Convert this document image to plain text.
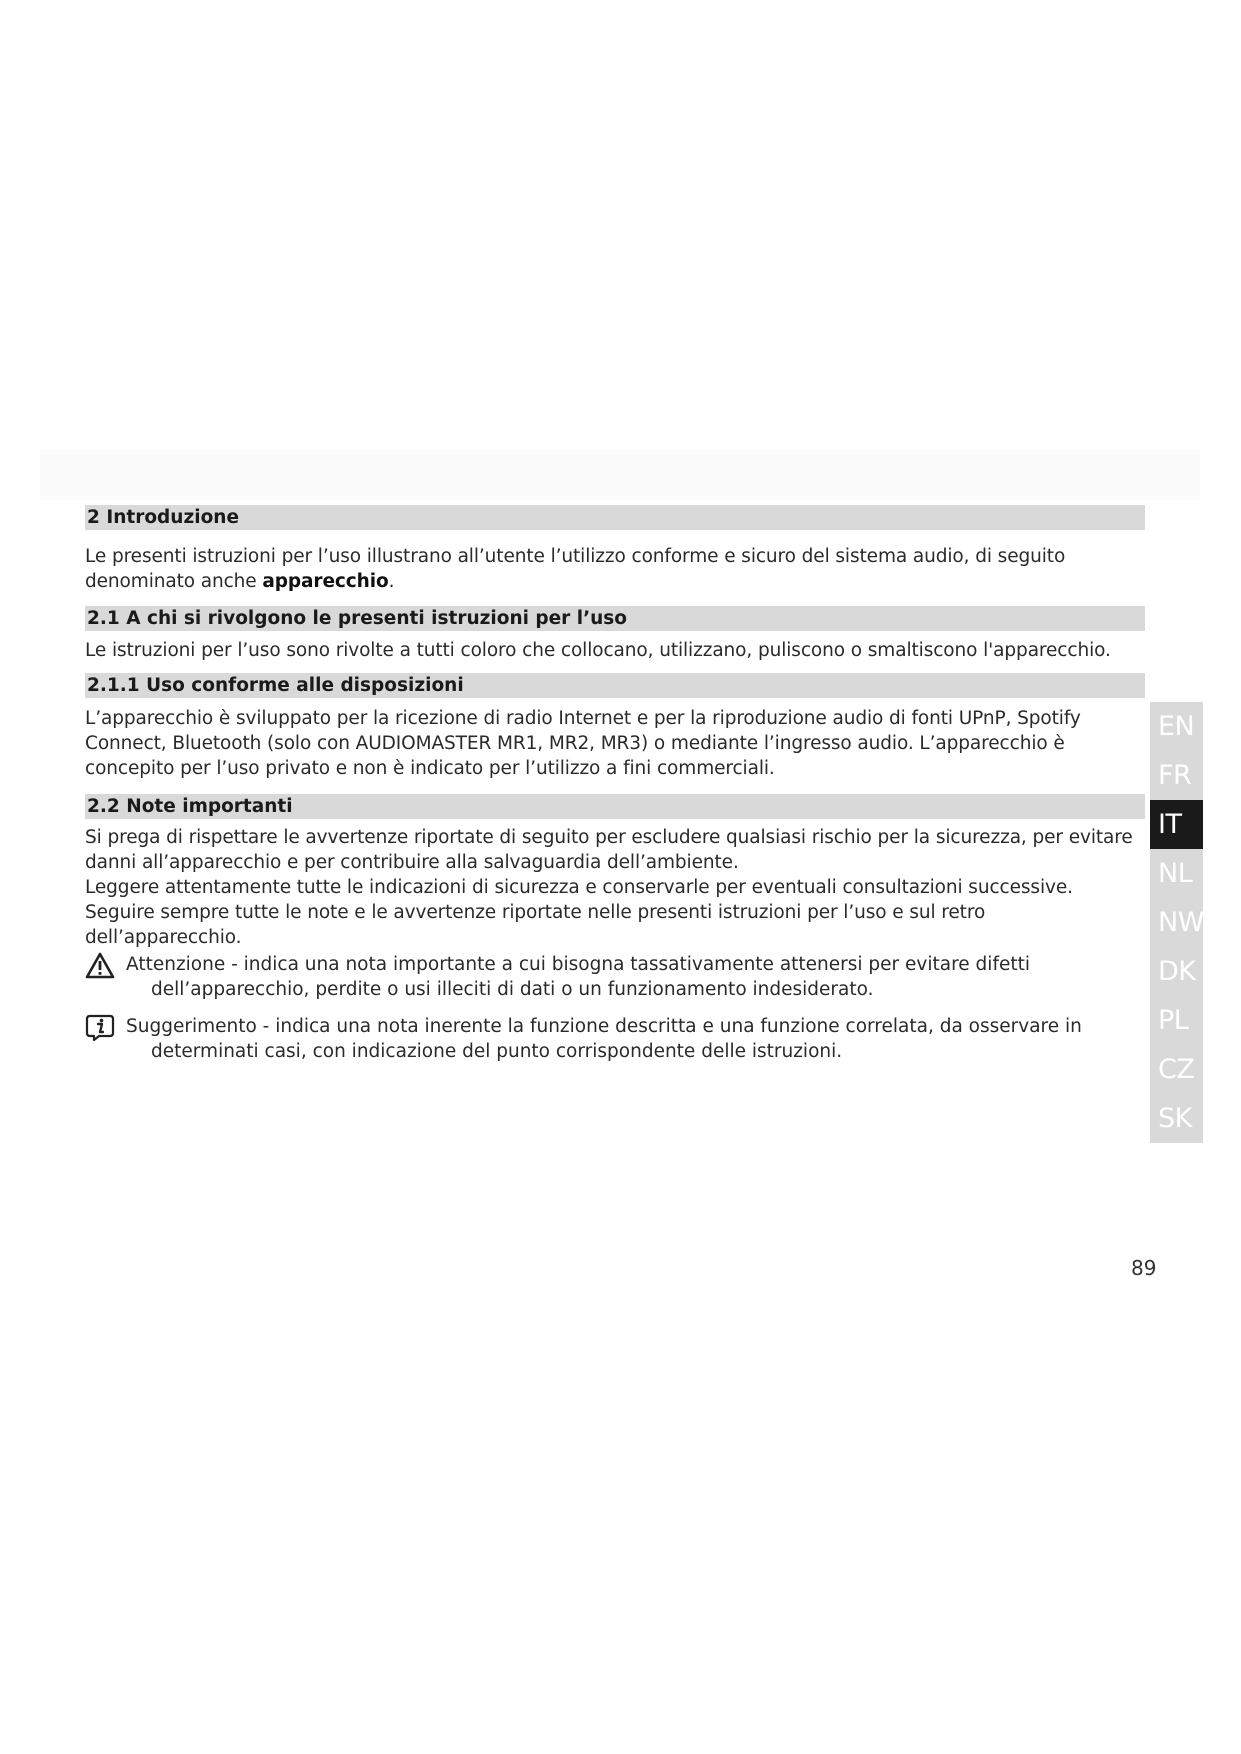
2 Introduzione
Le presenti istruzioni per l’uso illustrano all’utente l’utilizzo conforme e sicuro del sistema audio, di seguito denominato anche apparecchio.
2.1 A chi si rivolgono le presenti istruzioni per l’uso
Le istruzioni per l’uso sono rivolte a tutti coloro che collocano, utilizzano, puliscono o smaltiscono l'apparecchio.
2.1.1 Uso conforme alle disposizioni
L’apparecchio è sviluppato per la ricezione di radio Internet e per la riproduzione audio di fonti UPnP, Spotify Connect, Bluetooth (solo con AUDIOMASTER MR1, MR2, MR3) o mediante l’ingresso audio. L’apparecchio è concepito per l’uso privato e non è indicato per l’utilizzo a fini commerciali.
2.2 Note importanti
Si prega di rispettare le avvertenze riportate di seguito per escludere qualsiasi rischio per la sicurezza, per evitare danni all’apparecchio e per contribuire alla salvaguardia dell’ambiente.
Leggere attentamente tutte le indicazioni di sicurezza e conservarle per eventuali consultazioni successive.
Seguire sempre tutte le note e le avvertenze riportate nelle presenti istruzioni per l’uso e sul retro dell’apparecchio.
Attenzione - indica una nota importante a cui bisogna tassativamente attenersi per evitare difetti
dell’apparecchio, perdite o usi illeciti di dati o un funzionamento indesiderato.
Suggerimento - indica una nota inerente la funzione descritta e una funzione correlata, da osservare in
determinati casi, con indicazione del punto corrispondente delle istruzioni.
EN
FR
IT
NL
NW
DK
PL
CZ
SK
89
